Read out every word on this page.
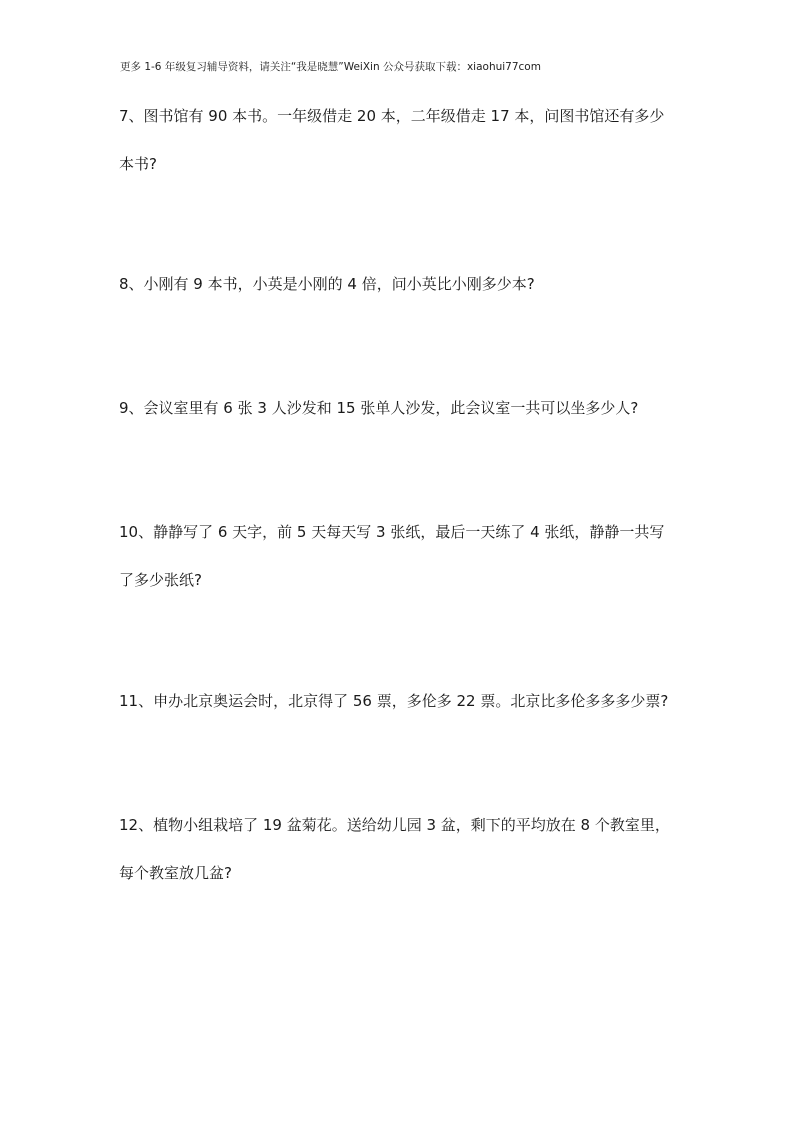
更多 1-6 年级复习辅导资料，请关注“我是晓慧”WeiXin 公众号获取下载：xiaohui77com
7、图书馆有 90 本书。一年级借走 20 本，二年级借走 17 本，问图书馆还有多少
本书?
8、小刚有 9 本书，小英是小刚的 4 倍，问小英比小刚多少本?
9、会议室里有 6 张 3 人沙发和 15 张单人沙发，此会议室一共可以坐多少人?
10、静静写了 6 天字，前 5 天每天写 3 张纸，最后一天练了 4 张纸，静静一共写
了多少张纸?
11、申办北京奥运会时，北京得了 56 票，多伦多 22 票。北京比多伦多多多少票?
12、植物小组栽培了 19 盆菊花。送给幼儿园 3 盆，剩下的平均放在 8 个教室里，
每个教室放几盆?
